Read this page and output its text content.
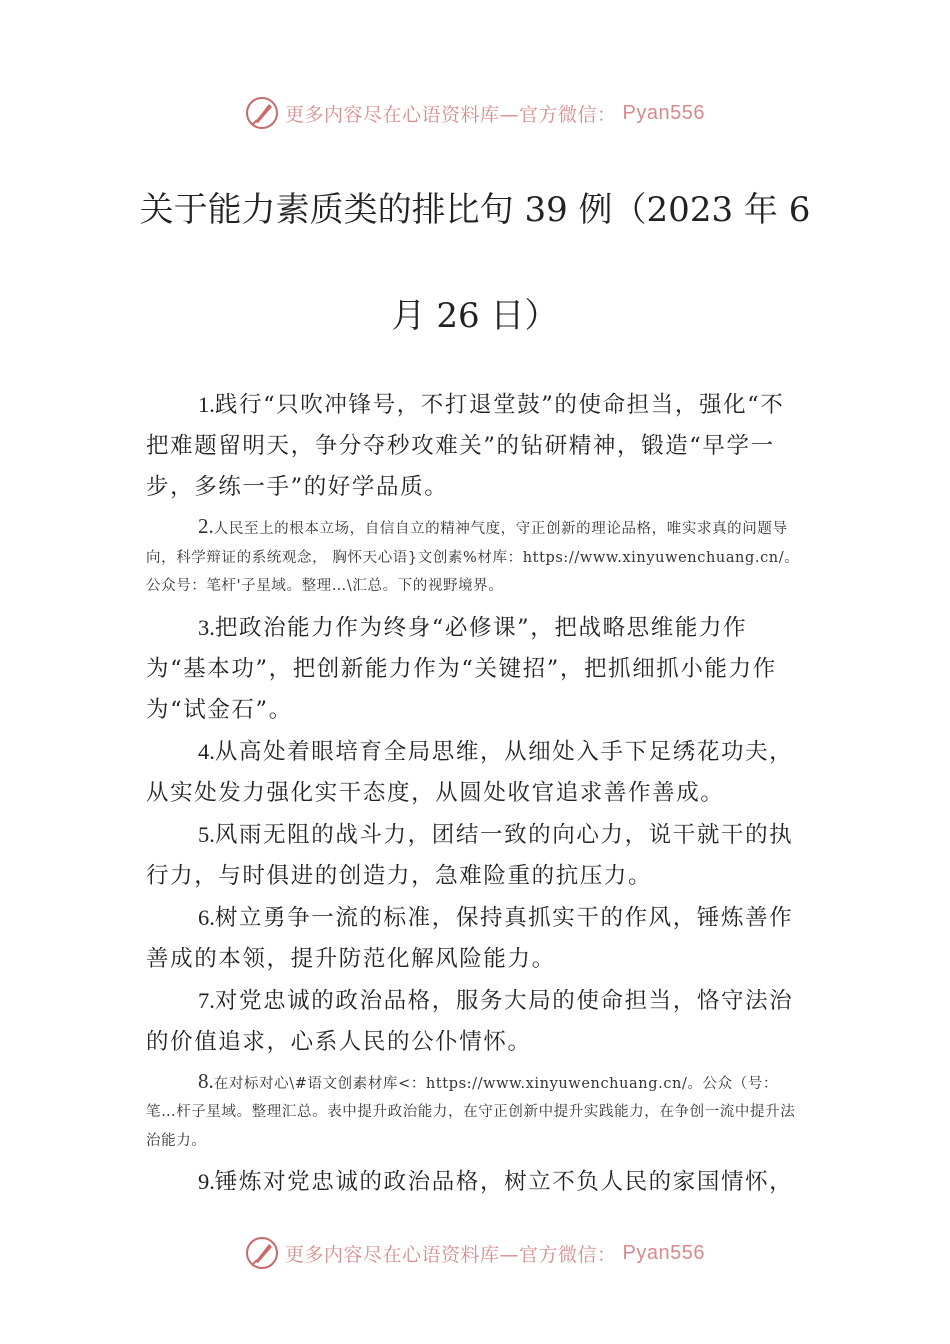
更多内容尽在心语资料库—官方微信： Pyan556
关于能力素质类的排比句 39 例（2023 年 6
月 26 日）

1.践行“只吹冲锋号，不打退堂鼓”的使命担当，强化“不把难题留明天，争分夺秒攻难关”的钻研精神，锻造“早学一步，多练一手”的好学品质。

2.人民至上的根本立场，自信自立的精神气度，守正创新的理论品格，唯实求真的问题导向，科学辩证的系统观念， 胸怀天心语}文创素%材库：https://www.xinyuwenchuang.cn/。公众号：笔杆'子星域。整理…\汇总。下的视野境界。

3.把政治能力作为终身“必修课”，把战略思维能力作为“基本功”，把创新能力作为“关键招”，把抓细抓小能力作为“试金石”。

4.从高处着眼培育全局思维，从细处入手下足绣花功夫，从实处发力强化实干态度，从圆处收官追求善作善成。

5.风雨无阻的战斗力，团结一致的向心力，说干就干的执行力，与时俱进的创造力，急难险重的抗压力。

6.树立勇争一流的标准，保持真抓实干的作风，锤炼善作善成的本领，提升防范化解风险能力。

7.对党忠诚的政治品格，服务大局的使命担当，恪守法治的价值追求，心系人民的公仆情怀。

8.在对标对心\#语文创素材库<：https://www.xinyuwenchuang.cn/。公众（号：笔…杆子星域。整理汇总。表中提升政治能力，在守正创新中提升实践能力，在争创一流中提升法治能力。

9.锤炼对党忠诚的政治品格，树立不负人民的家国情怀，

更多内容尽在心语资料库—官方微信： Pyan556
